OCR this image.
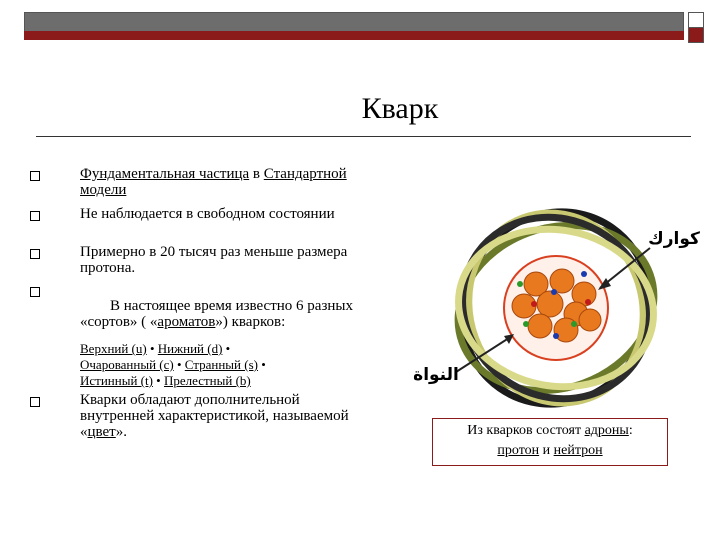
Кварк
Фундаментальная частица в Стандартной модели
Не наблюдается в свободном состоянии
Примерно в 20 тысяч раз меньше размера протона.

В настоящее время известно 6 разных «сортов» ( «ароматов») кварков:

Кварки обладают дополнительной внутренней характеристикой, называемой «цвет».
Верхний (u) • Нижний (d) •
Очарованный (c) • Странный (s) •
Истинный (t) • Прелестный (b)
كوارك
النواة
Из кварков состоят адроны:
протон и нейтрон
